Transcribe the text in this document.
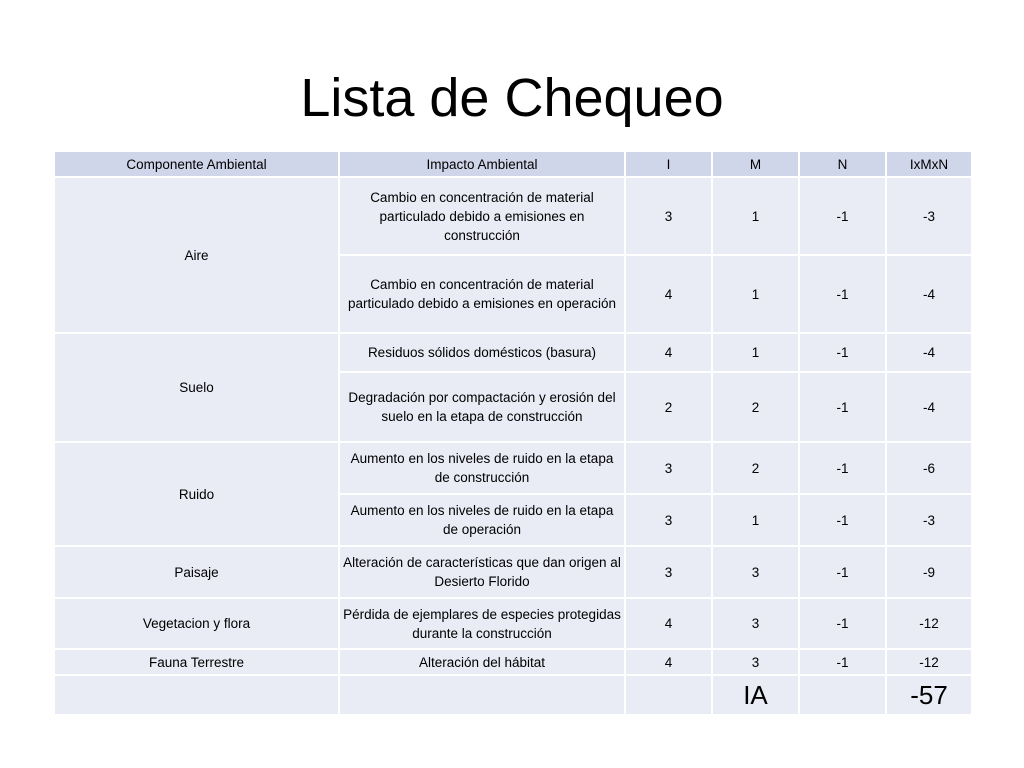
Lista de Chequeo
Componente Ambiental	Impacto Ambiental	I	M	N	IxMxN
Aire	Cambio en concentración de material particulado debido a emisiones en construcción	3	1	-1	-3
	Cambio en concentración de material particulado debido a emisiones en operación	4	1	-1	-4
Suelo	Residuos sólidos domésticos (basura)	4	1	-1	-4
	Degradación por compactación y erosión del suelo en la etapa de construcción	2	2	-1	-4
Ruido	Aumento en los niveles de ruido en la etapa de construcción	3	2	-1	-6
	Aumento en los niveles de ruido en la etapa de operación	3	1	-1	-3
Paisaje	Alteración de características que dan origen al Desierto Florido	3	3	-1	-9
Vegetacion y flora	Pérdida de ejemplares de especies protegidas durante la construcción	4	3	-1	-12
Fauna Terrestre	Alteración del hábitat	4	3	-1	-12
			IA		-57
